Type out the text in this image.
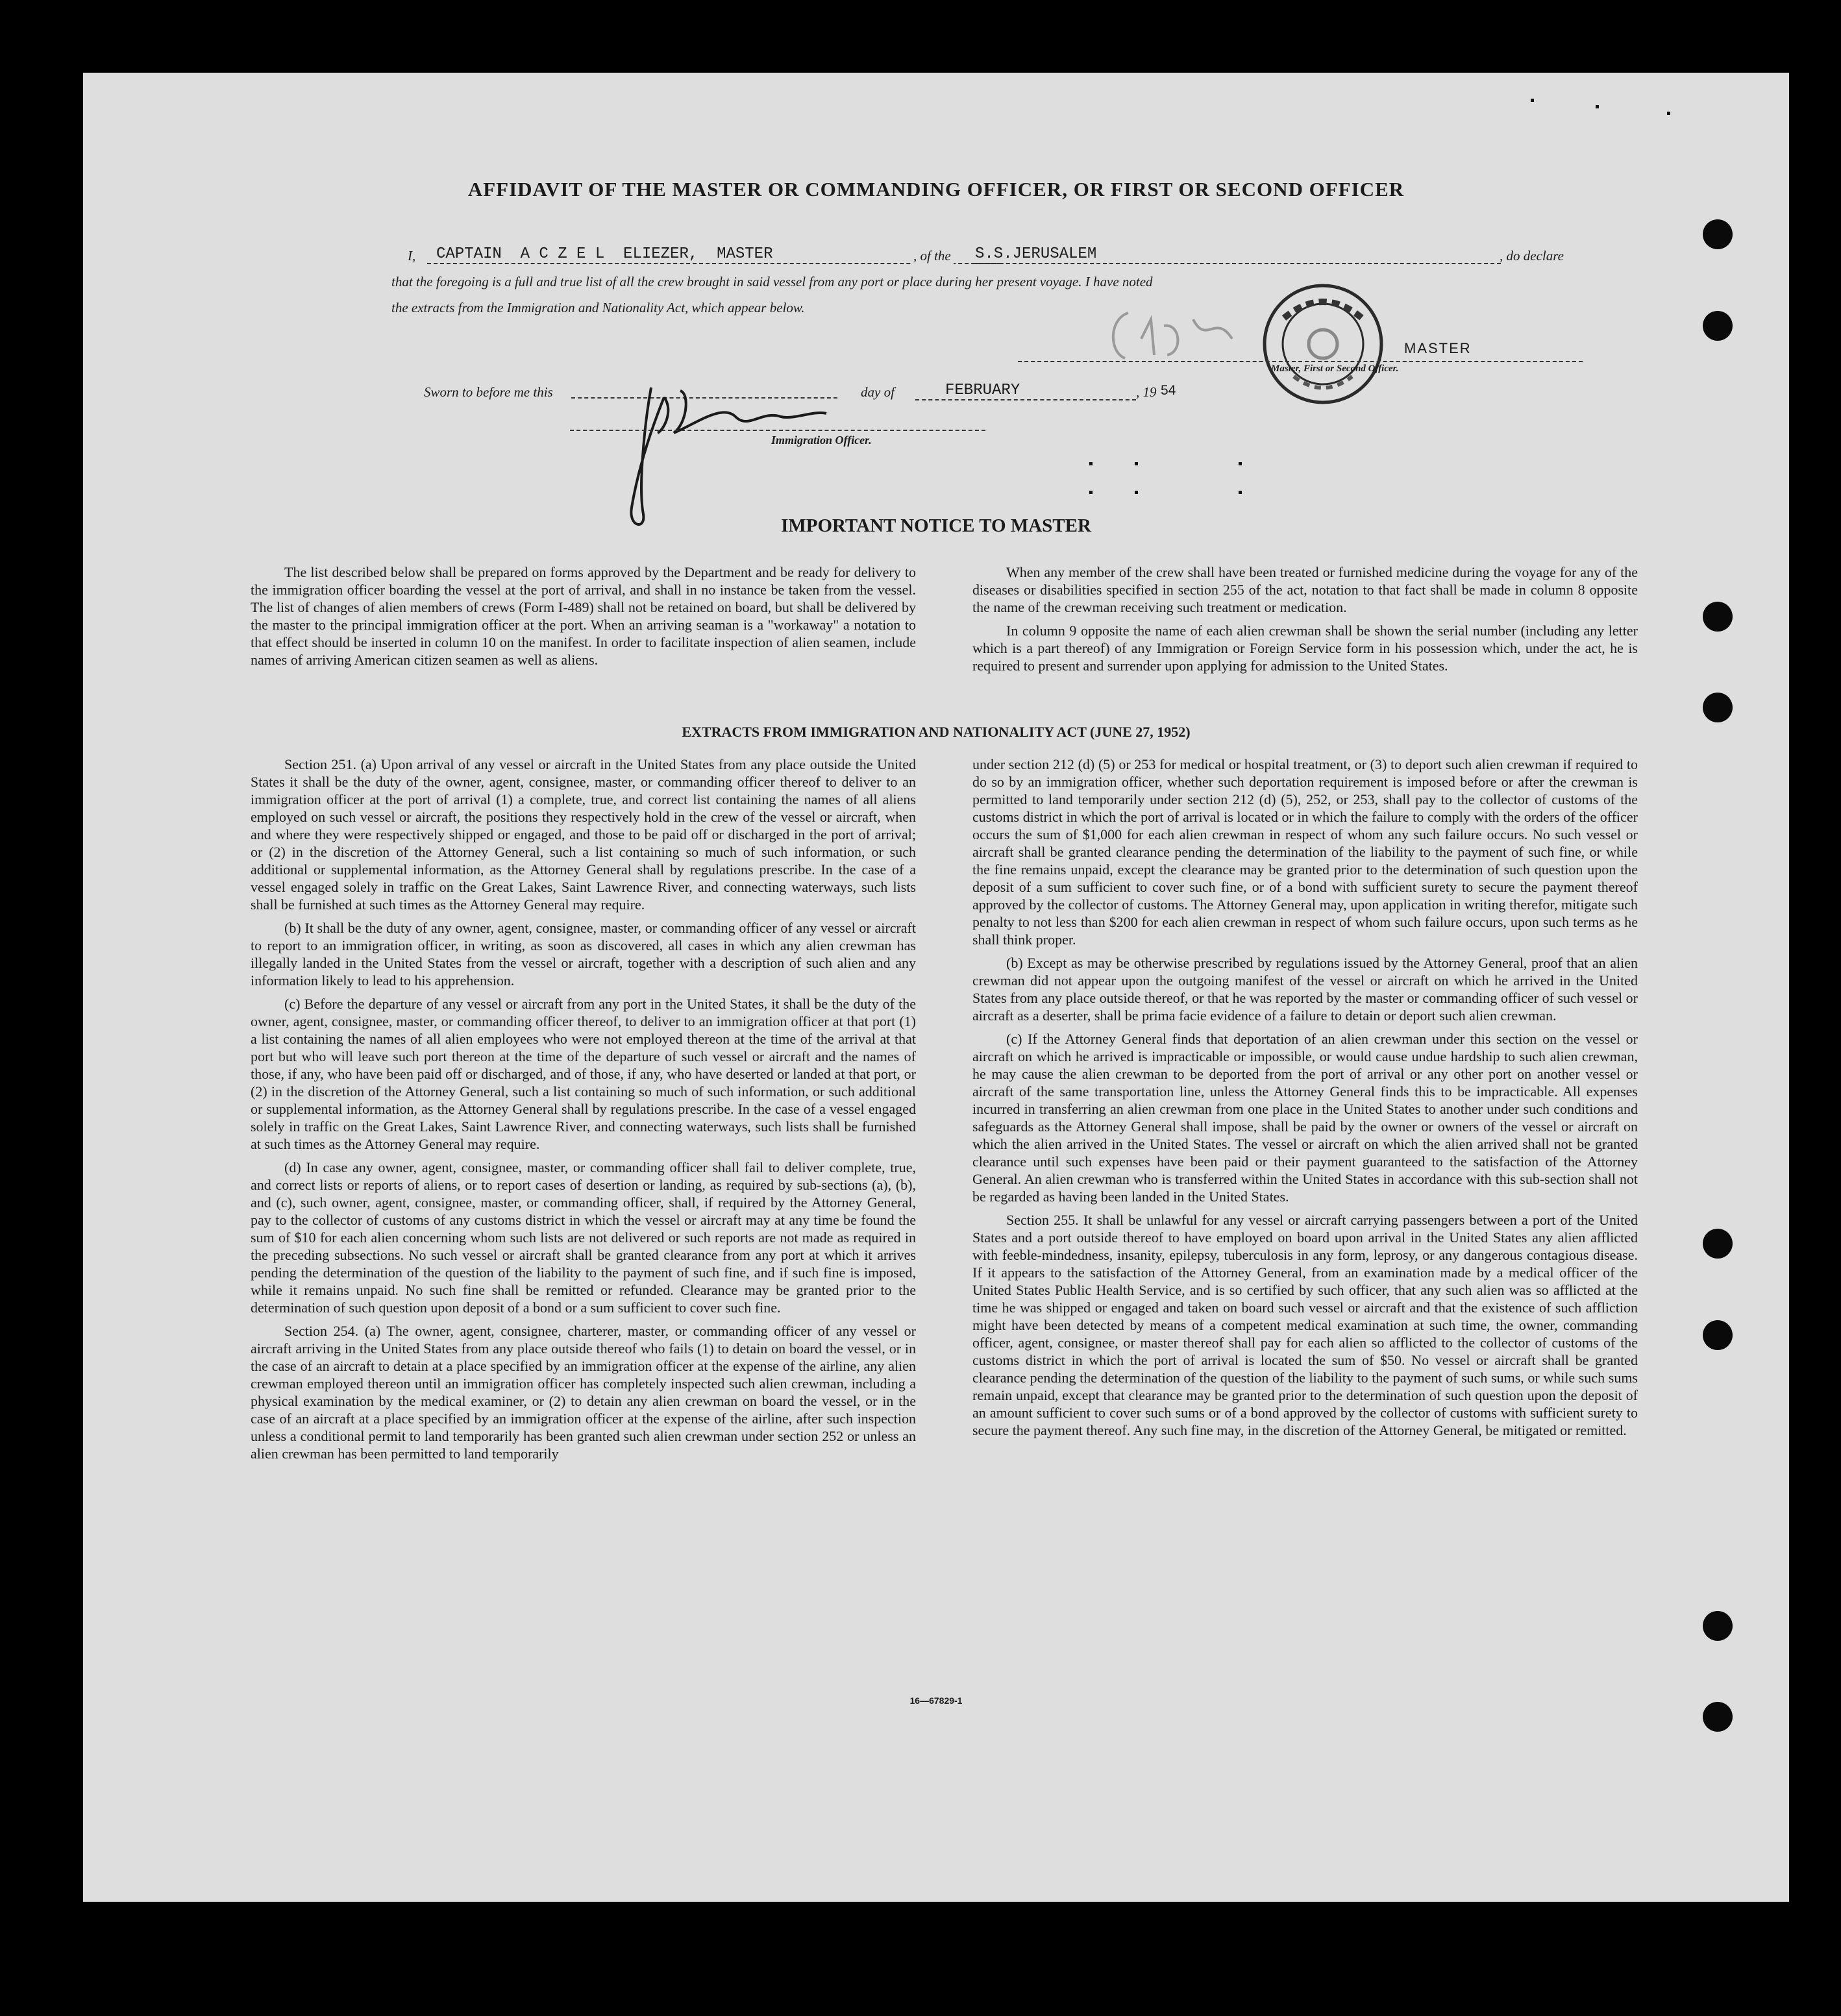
AFFIDAVIT OF THE MASTER OR COMMANDING OFFICER, OR FIRST OR SECOND OFFICER
I,	CAPTAIN  A C Z E L  ELIEZER,  MASTER	, of the S.S.JERUSALEM	, do declare
that the foregoing is a full and true list of all the crew brought in said vessel from any port or place during her present voyage. I have noted
the extracts from the Immigration and Nationality Act, which appear below.
MASTER
Master, First or Second Officer.
Sworn to before me this	day of	FEBRUARY	, 19 54
Immigration Officer.
IMPORTANT NOTICE TO MASTER

The list described below shall be prepared on forms approved by the Department and be ready for delivery to the immigration officer boarding the vessel at the port of arrival, and shall in no instance be taken from the vessel. The list of changes of alien members of crews (Form I-489) shall not be retained on board, but shall be delivered by the master to the principal immigration officer at the port. When an arriving seaman is a "workaway" a notation to that effect should be inserted in column 10 on the manifest. In order to facilitate inspection of alien seamen, include names of arriving American citizen seamen as well as aliens.

When any member of the crew shall have been treated or furnished medicine during the voyage for any of the diseases or disabilities specified in section 255 of the act, notation to that fact shall be made in column 8 opposite the name of the crewman receiving such treatment or medication.

In column 9 opposite the name of each alien crewman shall be shown the serial number (including any letter which is a part thereof) of any Immigration or Foreign Service form in his possession which, under the act, he is required to present and surrender upon applying for admission to the United States.

EXTRACTS FROM IMMIGRATION AND NATIONALITY ACT (JUNE 27, 1952)

Section 251. (a) Upon arrival of any vessel or aircraft in the United States from any place outside the United States it shall be the duty of the owner, agent, consignee, master, or commanding officer thereof to deliver to an immigration officer at the port of arrival (1) a complete, true, and correct list containing the names of all aliens employed on such vessel or aircraft, the positions they respectively hold in the crew of the vessel or aircraft, when and where they were respectively shipped or engaged, and those to be paid off or discharged in the port of arrival; or (2) in the discretion of the Attorney General, such a list containing so much of such information, or such additional or supplemental information, as the Attorney General shall by regulations prescribe. In the case of a vessel engaged solely in traffic on the Great Lakes, Saint Lawrence River, and connecting waterways, such lists shall be furnished at such times as the Attorney General may require.

(b) It shall be the duty of any owner, agent, consignee, master, or commanding officer of any vessel or aircraft to report to an immigration officer, in writing, as soon as discovered, all cases in which any alien crewman has illegally landed in the United States from the vessel or aircraft, together with a description of such alien and any information likely to lead to his apprehension.

(c) Before the departure of any vessel or aircraft from any port in the United States, it shall be the duty of the owner, agent, consignee, master, or commanding officer thereof, to deliver to an immigration officer at that port (1) a list containing the names of all alien employees who were not employed thereon at the time of the arrival at that port but who will leave such port thereon at the time of the departure of such vessel or aircraft and the names of those, if any, who have been paid off or discharged, and of those, if any, who have deserted or landed at that port, or (2) in the discretion of the Attorney General, such a list containing so much of such information, or such additional or supplemental information, as the Attorney General shall by regulations prescribe. In the case of a vessel engaged solely in traffic on the Great Lakes, Saint Lawrence River, and connecting waterways, such lists shall be furnished at such times as the Attorney General may require.

(d) In case any owner, agent, consignee, master, or commanding officer shall fail to deliver complete, true, and correct lists or reports of aliens, or to report cases of desertion or landing, as required by sub-sections (a), (b), and (c), such owner, agent, consignee, master, or commanding officer, shall, if required by the Attorney General, pay to the collector of customs of any customs district in which the vessel or aircraft may at any time be found the sum of $10 for each alien concerning whom such lists are not delivered or such reports are not made as required in the preceding subsections. No such vessel or aircraft shall be granted clearance from any port at which it arrives pending the determination of the question of the liability to the payment of such fine, and if such fine is imposed, while it remains unpaid. No such fine shall be remitted or refunded. Clearance may be granted prior to the determination of such question upon deposit of a bond or a sum sufficient to cover such fine.

Section 254. (a) The owner, agent, consignee, charterer, master, or commanding officer of any vessel or aircraft arriving in the United States from any place outside thereof who fails (1) to detain on board the vessel, or in the case of an aircraft to detain at a place specified by an immigration officer at the expense of the airline, any alien crewman employed thereon until an immigration officer has completely inspected such alien crewman, including a physical examination by the medical examiner, or (2) to detain any alien crewman on board the vessel, or in the case of an aircraft at a place specified by an immigration officer at the expense of the airline, after such inspection unless a conditional permit to land temporarily has been granted such alien crewman under section 252 or unless an alien crewman has been permitted to land temporarily

under section 212 (d) (5) or 253 for medical or hospital treatment, or (3) to deport such alien crewman if required to do so by an immigration officer, whether such deportation requirement is imposed before or after the crewman is permitted to land temporarily under section 212 (d) (5), 252, or 253, shall pay to the collector of customs of the customs district in which the port of arrival is located or in which the failure to comply with the orders of the officer occurs the sum of $1,000 for each alien crewman in respect of whom any such failure occurs. No such vessel or aircraft shall be granted clearance pending the determination of the liability to the payment of such fine, or while the fine remains unpaid, except the clearance may be granted prior to the determination of such question upon the deposit of a sum sufficient to cover such fine, or of a bond with sufficient surety to secure the payment thereof approved by the collector of customs. The Attorney General may, upon application in writing therefor, mitigate such penalty to not less than $200 for each alien crewman in respect of whom such failure occurs, upon such terms as he shall think proper.

(b) Except as may be otherwise prescribed by regulations issued by the Attorney General, proof that an alien crewman did not appear upon the outgoing manifest of the vessel or aircraft on which he arrived in the United States from any place outside thereof, or that he was reported by the master or commanding officer of such vessel or aircraft as a deserter, shall be prima facie evidence of a failure to detain or deport such alien crewman.

(c) If the Attorney General finds that deportation of an alien crewman under this section on the vessel or aircraft on which he arrived is impracticable or impossible, or would cause undue hardship to such alien crewman, he may cause the alien crewman to be deported from the port of arrival or any other port on another vessel or aircraft of the same transportation line, unless the Attorney General finds this to be impracticable. All expenses incurred in transferring an alien crewman from one place in the United States to another under such conditions and safeguards as the Attorney General shall impose, shall be paid by the owner or owners of the vessel or aircraft on which the alien arrived in the United States. The vessel or aircraft on which the alien arrived shall not be granted clearance until such expenses have been paid or their payment guaranteed to the satisfaction of the Attorney General. An alien crewman who is transferred within the United States in accordance with this sub-section shall not be regarded as having been landed in the United States.

Section 255. It shall be unlawful for any vessel or aircraft carrying passengers between a port of the United States and a port outside thereof to have employed on board upon arrival in the United States any alien afflicted with feeble-mindedness, insanity, epilepsy, tuberculosis in any form, leprosy, or any dangerous contagious disease. If it appears to the satisfaction of the Attorney General, from an examination made by a medical officer of the United States Public Health Service, and is so certified by such officer, that any such alien was so afflicted at the time he was shipped or engaged and taken on board such vessel or aircraft and that the existence of such affliction might have been detected by means of a competent medical examination at such time, the owner, commanding officer, agent, consignee, or master thereof shall pay for each alien so afflicted to the collector of customs of the customs district in which the port of arrival is located the sum of $50. No vessel or aircraft shall be granted clearance pending the determination of the question of the liability to the payment of such sums, or while such sums remain unpaid, except that clearance may be granted prior to the determination of such question upon the deposit of an amount sufficient to cover such sums or of a bond approved by the collector of customs with sufficient surety to secure the payment thereof. Any such fine may, in the discretion of the Attorney General, be mitigated or remitted.

16—67829-1
